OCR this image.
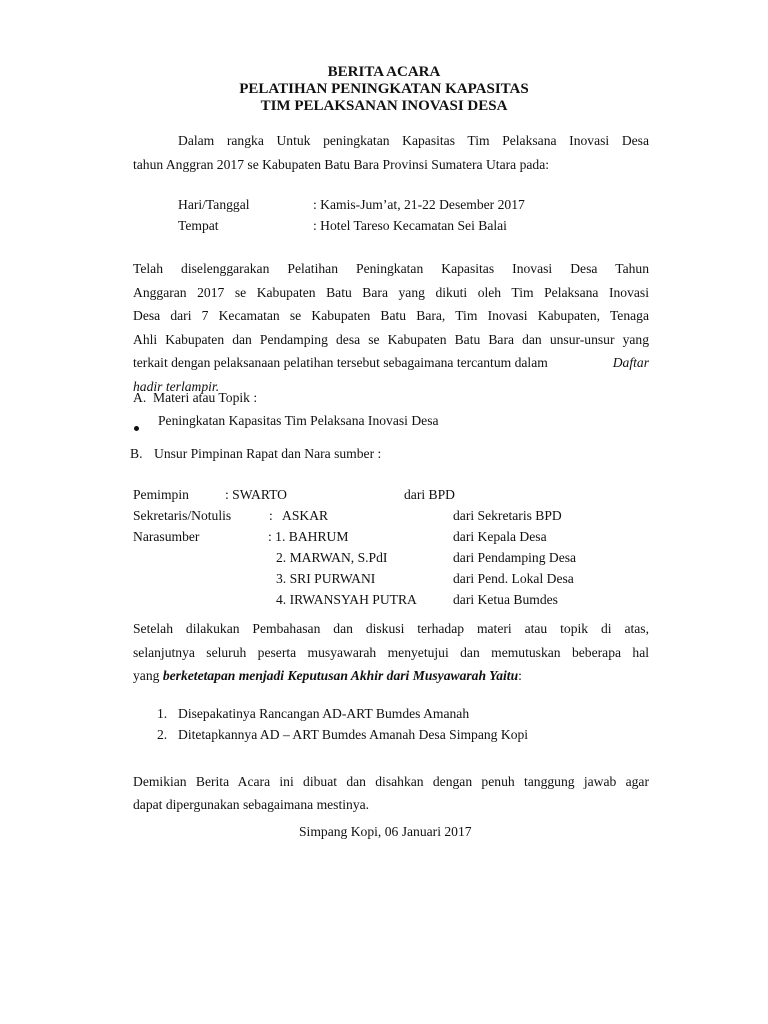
BERITA ACARA
PELATIHAN PENINGKATAN KAPASITAS
TIM PELAKSANAN INOVASI DESA
Dalam rangka Untuk peningkatan Kapasitas Tim Pelaksana Inovasi Desa
tahun Anggran 2017 se Kabupaten Batu Bara Provinsi Sumatera Utara pada:
Hari/Tanggal	: Kamis-Jum’at, 21-22 Desember 2017
Tempat	: Hotel Tareso Kecamatan Sei Balai
Telah diselenggarakan Pelatihan Peningkatan Kapasitas Inovasi Desa Tahun
Anggaran 2017 se Kabupaten Batu Bara yang dikuti oleh Tim Pelaksana Inovasi
Desa dari 7 Kecamatan se Kabupaten Batu Bara, Tim Inovasi Kabupaten, Tenaga
Ahli Kabupaten dan Pendamping desa se Kabupaten Batu Bara dan unsur-unsur yang
terkait dengan pelaksanaan pelatihan tersebut sebagaimana tercantum dalam	Daftar
hadir terlampir.
A. Materi atau Topik :
Peningkatan Kapasitas Tim Pelaksana Inovasi Desa
B. Unsur Pimpinan Rapat dan Nara sumber :
Pemimpin	: SWARTO	dari BPD
Sekretaris/Notulis	: ASKAR	dari Sekretaris BPD
Narasumber	: 1. BAHRUM	dari Kepala Desa
2. MARWAN, S.PdI	dari Pendamping Desa
3. SRI PURWANI	dari Pend. Lokal Desa
4. IRWANSYAH PUTRA	dari Ketua Bumdes
Setelah dilakukan Pembahasan dan diskusi terhadap materi atau topik di atas,
selanjutnya seluruh peserta musyawarah menyetujui dan memutuskan beberapa hal
yang berketetapan menjadi Keputusan Akhir dari Musyawarah Yaitu:
1. Disepakatinya Rancangan AD-ART Bumdes Amanah
2. Ditetapkannya AD – ART Bumdes Amanah Desa Simpang Kopi
Demikian Berita Acara ini dibuat dan disahkan dengan penuh tanggung jawab agar
dapat dipergunakan sebagaimana mestinya.
Simpang Kopi, 06 Januari 2017
